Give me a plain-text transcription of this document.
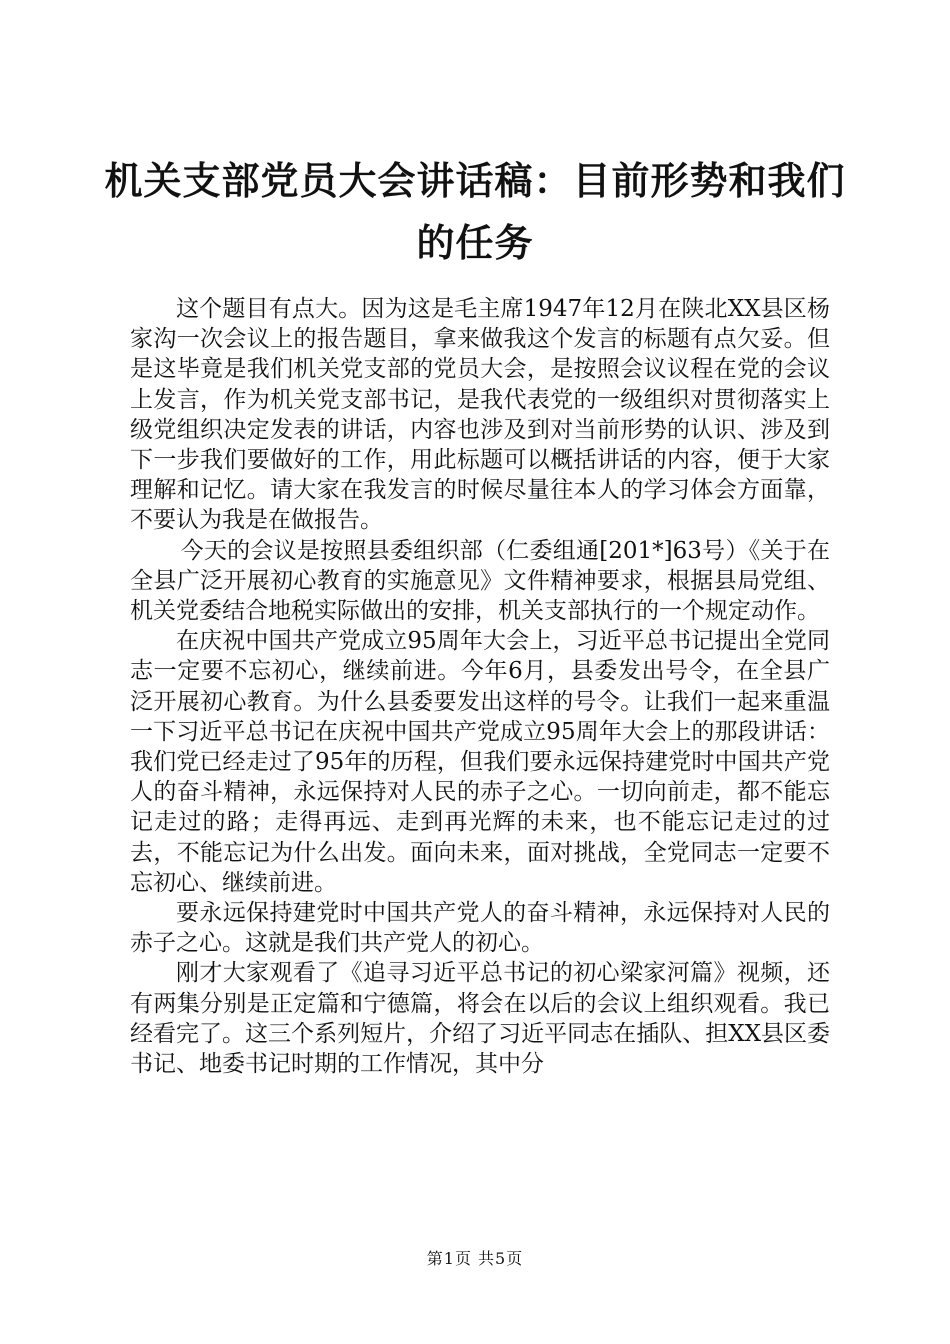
机关支部党员大会讲话稿：目前形势和我们的任务

这个题目有点大。因为这是毛主席1947年12月在陕北XX县区杨家沟一次会议上的报告题目，拿来做我这个发言的标题有点欠妥。但是这毕竟是我们机关党支部的党员大会，是按照会议议程在党的会议上发言，作为机关党支部书记，是我代表党的一级组织对贯彻落实上级党组织决定发表的讲话，内容也涉及到对当前形势的认识、涉及到下一步我们要做好的工作，用此标题可以概括讲话的内容，便于大家理解和记忆。请大家在我发言的时候尽量往本人的学习体会方面靠，不要认为我是在做报告。

今天的会议是按照县委组织部（仁委组通[201*]63号）《关于在全县广泛开展初心教育的实施意见》文件精神要求，根据县局党组、机关党委结合地税实际做出的安排，机关支部执行的一个规定动作。

在庆祝中国共产党成立95周年大会上，习近平总书记提出全党同志一定要不忘初心，继续前进。今年6月，县委发出号令，在全县广泛开展初心教育。为什么县委要发出这样的号令。让我们一起来重温一下习近平总书记在庆祝中国共产党成立95周年大会上的那段讲话：我们党已经走过了95年的历程，但我们要永远保持建党时中国共产党人的奋斗精神，永远保持对人民的赤子之心。一切向前走，都不能忘记走过的路；走得再远、走到再光辉的未来，也不能忘记走过的过去，不能忘记为什么出发。面向未来，面对挑战，全党同志一定要不忘初心、继续前进。

要永远保持建党时中国共产党人的奋斗精神，永远保持对人民的赤子之心。这就是我们共产党人的初心。

刚才大家观看了《追寻习近平总书记的初心梁家河篇》视频，还有两集分别是正定篇和宁德篇，将会在以后的会议上组织观看。我已经看完了。这三个系列短片，介绍了习近平同志在插队、担XX县区委书记、地委书记时期的工作情况，其中分

第1页 共5页
